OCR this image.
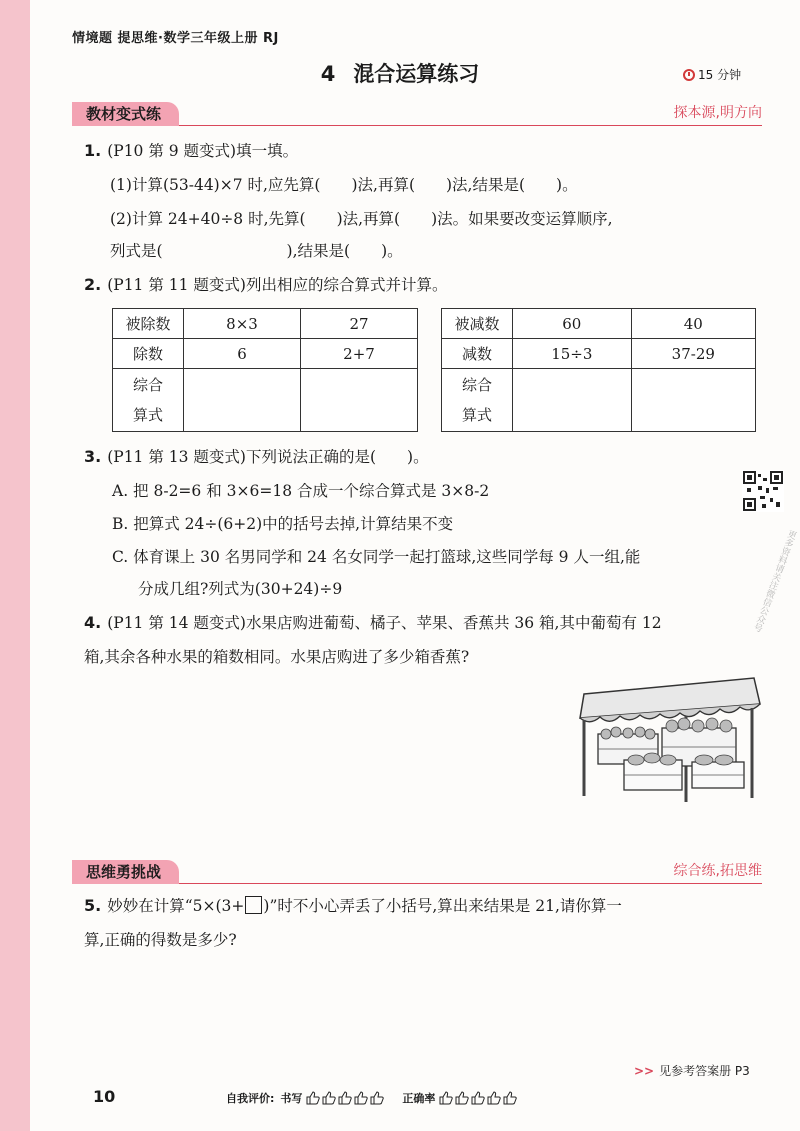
情境题 提思维·数学三年级上册 RJ
4 混合运算练习	15 分钟
教材变式练	探本源,明方向
1. (P10 第 9 题变式)填一填。
(1)计算(53-44)×7 时,应先算(　　)法,再算(　　)法,结果是(　　)。
(2)计算 24+40÷8 时,先算(　　)法,再算(　　)法。如果要改变运算顺序,
列式是(　　　　　　　　),结果是(　　)。
2. (P11 第 11 题变式)列出相应的综合算式并计算。
被除数	8×3	27
除数	6	2+7
综合
算式		
被减数	60	40
减数	15÷3	37-29
综合
算式		
3. (P11 第 13 题变式)下列说法正确的是(　　)。
A. 把 8-2=6 和 3×6=18 合成一个综合算式是 3×8-2
B. 把算式 24÷(6+2)中的括号去掉,计算结果不变
C. 体育课上 30 名男同学和 24 名女同学一起打篮球,这些同学每 9 人一组,能
分成几组?列式为(30+24)÷9	更多资料请关注微信公众号
4. (P11 第 14 题变式)水果店购进葡萄、橘子、苹果、香蕉共 36 箱,其中葡萄有 12
箱,其余各种水果的箱数相同。水果店购进了多少箱香蕉?
思维勇挑战	综合练,拓思维
5. 妙妙在计算“5×(3+ )”时不小心弄丢了小括号,算出来结果是 21,请你算一
算,正确的得数是多少?
>> 见参考答案册 P3
10	自我评价: 书写	正确率
